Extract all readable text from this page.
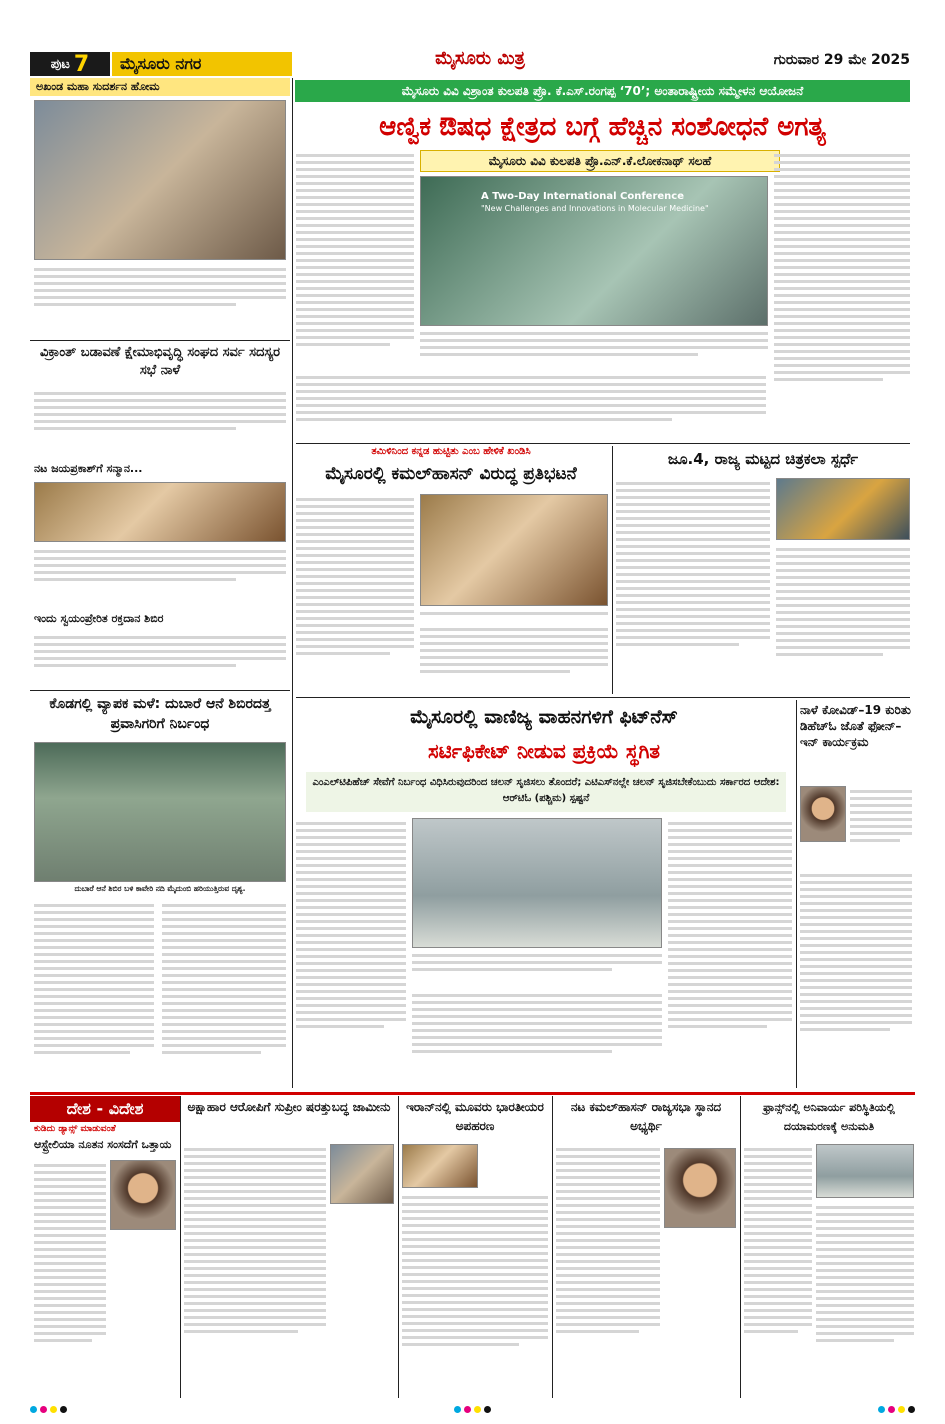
ಪುಟ 7	ಮೈಸೂರು ನಗರ	ಮೈಸೂರು ಮಿತ್ರ	ಗುರುವಾರ 29 ಮೇ 2025
ಅಖಂಡ ಮಹಾ ಸುದರ್ಶನ ಹೋಮ
ವಿಕ್ರಾಂತ್ ಬಡಾವಣೆ ಕ್ಷೇಮಾಭಿವೃದ್ಧಿ ಸಂಘದ ಸರ್ವ ಸದಸ್ಯರ ಸಭೆ ನಾಳೆ
ನಟ ಜಯಪ್ರಕಾಶ್‌ಗೆ ಸನ್ಮಾನ...
ಇಂದು ಸ್ವಯಂಪ್ರೇರಿತ ರಕ್ತದಾನ ಶಿಬಿರ
ಕೊಡಗಲ್ಲಿ ವ್ಯಾಪಕ ಮಳೆ: ದುಬಾರೆ ಆನೆ ಶಿಬಿರದತ್ತ ಪ್ರವಾಸಿಗರಿಗೆ ನಿರ್ಬಂಧ
ದುಬಾರೆ ಆನೆ ಶಿಬಿರ ಬಳಿ ಕಾವೇರಿ ನದಿ ಮೈದುಂಬಿ ಹರಿಯುತ್ತಿರುವ ದೃಶ್ಯ.
ಮೈಸೂರು ವಿವಿ ವಿಶ್ರಾಂತ ಕುಲಪತಿ ಪ್ರೊ. ಕೆ.ಎಸ್.ರಂಗಪ್ಪ ‘70’; ಅಂತಾರಾಷ್ಟ್ರೀಯ ಸಮ್ಮೇಳನ ಆಯೋಜನೆ
ಆಣ್ವಿಕ ಔಷಧ ಕ್ಷೇತ್ರದ ಬಗ್ಗೆ ಹೆಚ್ಚಿನ ಸಂಶೋಧನೆ ಅಗತ್ಯ
ಮೈಸೂರು ವಿವಿ ಕುಲಪತಿ ಪ್ರೊ.ಎನ್.ಕೆ.ಲೋಕನಾಥ್ ಸಲಹೆ
A Two-Day International Conference
"New Challenges and Innovations in Molecular Medicine"
ತಮಿಳಿನಿಂದ ಕನ್ನಡ ಹುಟ್ಟಿತು ಎಂಬ ಹೇಳಿಕೆ ಖಂಡಿಸಿ
ಮೈಸೂರಲ್ಲಿ ಕಮಲ್‌ಹಾಸನ್ ವಿರುದ್ಧ ಪ್ರತಿಭಟನೆ
ಜೂ.4, ರಾಜ್ಯ ಮಟ್ಟದ ಚಿತ್ರಕಲಾ ಸ್ಪರ್ಧೆ
ಮೈಸೂರಲ್ಲಿ ವಾಣಿಜ್ಯ ವಾಹನಗಳಿಗೆ ಫಿಟ್‌ನೆಸ್
ಸರ್ಟಿಫಿಕೇಟ್ ನೀಡುವ ಪ್ರಕ್ರಿಯೆ ಸ್ಥಗಿತ
ಎಂಎಲ್‌ಟಿಪಿಹೆಚ್ ಸೇವೆಗೆ ನಿರ್ಬಂಧ ವಿಧಿಸಿರುವುದರಿಂದ ಚಲನ್ ಸೃಜಿಸಲು ತೊಂದರೆ; ಎಟಿಎಸ್‌ನಲ್ಲೇ ಚಲನ್ ಸೃಜಿಸಬೇಕೆಂಬುದು ಸರ್ಕಾರದ ಆದೇಶ: ಆರ್‌ಟಿಓ (ಪಶ್ಚಿಮ) ಸ್ಪಷ್ಟನೆ
ನಾಳೆ ಕೋವಿಡ್–19 ಕುರಿತು ಡಿಹೆಚ್‌ಓ ಜೊತೆ ಫೋನ್–ಇನ್ ಕಾರ್ಯಕ್ರಮ
ದೇಶ - ವಿದೇಶ
ಕುಡಿದು ಡ್ಯಾನ್ಸ್ ಮಾಡುವಂತೆ
ಆಸ್ಟ್ರೇಲಿಯಾ ನೂತನ ಸಂಸದೆಗೆ ಒತ್ತಾಯ
ಅಕ್ಷಾಹಾರ ಆರೋಪಿಗೆ ಸುಪ್ರೀಂ ಷರತ್ತುಬದ್ಧ ಜಾಮೀನು	ಇರಾನ್‌ನಲ್ಲಿ ಮೂವರು ಭಾರತೀಯರ ಅಪಹರಣ
ನಟ ಕಮಲ್‌ಹಾಸನ್ ರಾಜ್ಯಸಭಾ ಸ್ಥಾನದ ಅಭ್ಯರ್ಥಿ
ಫ್ರಾನ್ಸ್‌ನಲ್ಲಿ ಅನಿವಾರ್ಯ ಪರಿಸ್ಥಿತಿಯಲ್ಲಿ ದಯಾಮರಣಕ್ಕೆ ಅನುಮತಿ
